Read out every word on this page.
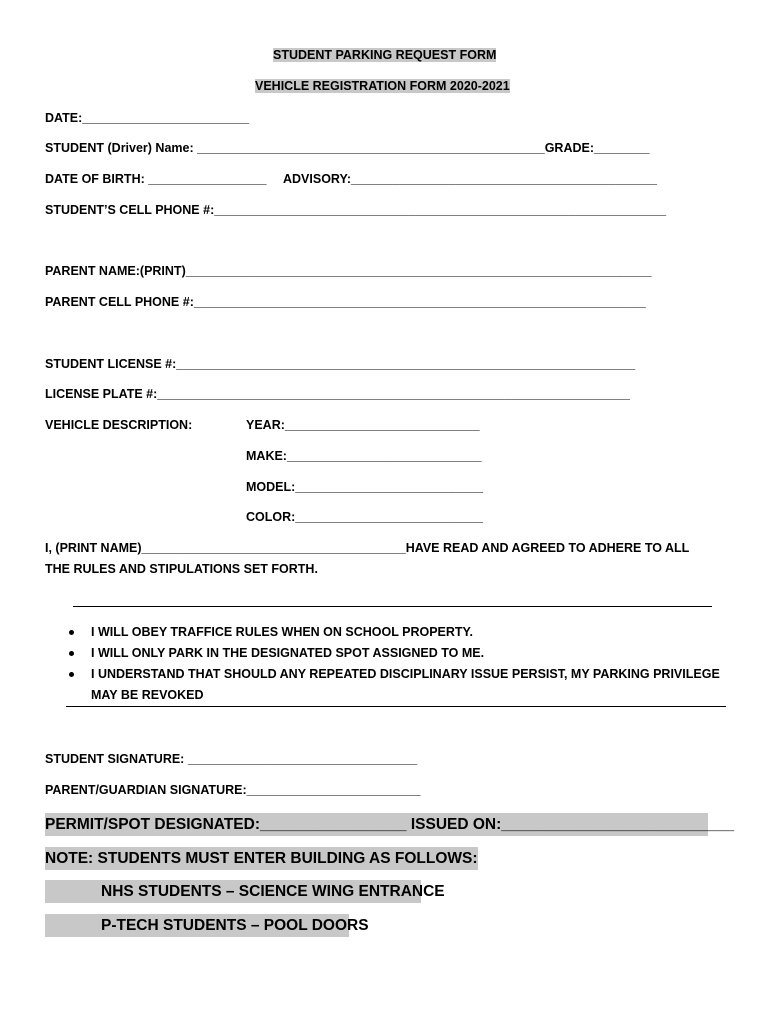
STUDENT PARKING REQUEST FORM
VEHICLE REGISTRATION FORM 2020-2021
DATE:________________________
STUDENT (Driver) Name: __________________________________________________GRADE:________
DATE OF BIRTH: _________________ ADVISORY:____________________________________________
STUDENT’S CELL PHONE #:_________________________________________________________________
PARENT NAME:(PRINT)___________________________________________________________________
PARENT CELL PHONE #:_________________________________________________________________
STUDENT LICENSE #:__________________________________________________________________
LICENSE PLATE #:____________________________________________________________________
VEHICLE DESCRIPTION:	YEAR:____________________________
MAKE:____________________________
MODEL:___________________________
COLOR:___________________________
I, (PRINT NAME)______________________________________HAVE READ AND AGREED TO ADHERE TO ALL
THE RULES AND STIPULATIONS SET FORTH.
I WILL OBEY TRAFFICE RULES WHEN ON SCHOOL PROPERTY.
I WILL ONLY PARK IN THE DESIGNATED SPOT ASSIGNED TO ME.
I UNDERSTAND THAT SHOULD ANY REPEATED DISCIPLINARY ISSUE PERSIST, MY PARKING PRIVILEGE
MAY BE REVOKED
STUDENT SIGNATURE: _________________________________
PARENT/GUARDIAN SIGNATURE:_________________________
PERMIT/SPOT DESIGNATED:_________________ ISSUED ON:___________________________
NOTE: STUDENTS MUST ENTER BUILDING AS FOLLOWS:
NHS STUDENTS – SCIENCE WING ENTRANCE
P-TECH STUDENTS – POOL DOORS
